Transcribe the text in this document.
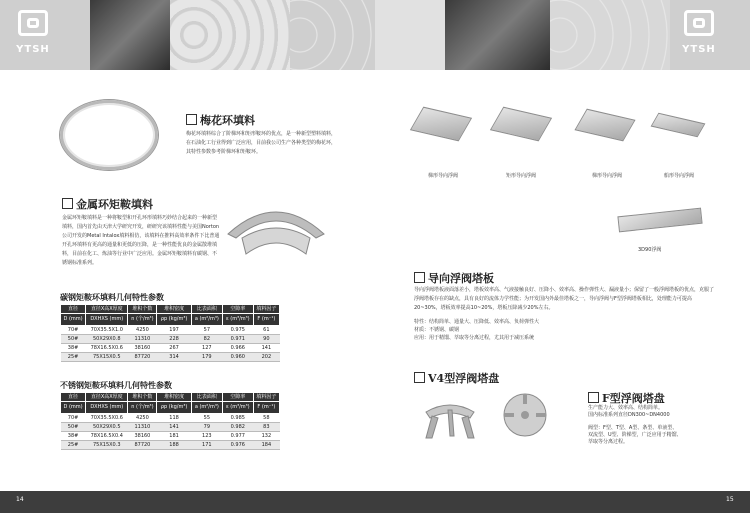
YTSH	YTSH
梅花环填料
梅花环填料综合了阶梯环和矩形鞍环的优点，是一种新型塑料填料，在石油化工行业得到广泛应用，目前我公司生产各种类型的梅花环，其特性参数参考阶梯环和矩鞍环。
金属环矩鞍填料
金属环矩鞍填料是一种将鞍型和开孔环形填料巧妙结合起来的一种新型填料，国内首先由天津大学研究开发，研研究该填料性能与美国Norton公司开发的Metal Intalox填料相仿，该填料在推料高效率条件下比普通开孔环填料有更高的通量和更低的压降，是一种性能优良的金属散堆填料，目前在化工、炼油等行业中广泛应用。金属环矩鞍填料有碳钢、不锈钢标准系列。
碳钢矩鞍环填料几何特性参数
直径	直径X高X厚度	堆积个数	堆积密度	比表面积	空隙率	填料因子
D (mm)	DXHXS (mm)	n (个/m³)	ρp (kg/m³)	a (m²/m³)	ε (m³/m³)	F (m⁻¹)
70#	70X35.5X1.0	4250	197	57	0.975	61
50#	50X29X0.8	11310	228	82	0.971	90
38#	78X16.5X0.6	38160	267	127	0.966	141
25#	75X15X0.5	87720	314	179	0.960	202
不锈钢矩鞍环填料几何特性参数
直径	直径X高X厚度	堆积个数	堆积密度	比表面积	空隙率	填料因子
D (mm)	DXHXS (mm)	n (个/m³)	ρp (kg/m³)	a (m²/m³)	ε (m³/m³)	F (m⁻¹)
70#	70X35.5X0.6	4250	118	55	0.985	58
50#	50X29X0.5	11310	141	79	0.982	83
38#	78X16.5X0.4	38160	181	123	0.977	132
25#	75X15X0.3	87720	188	171	0.976	184
梯形导向浮阀	矩形导向浮阀	梯形导向浮阀	船形导向浮阀
3D90浮阀
导向浮阀塔板
导向浮阀塔板液面落差小，塔板效率高、气液接触良好、压降小、效率高、操作弹性大、漏液量小；保留了一般浮阀塔板的优点，克服了浮阀塔板存在的缺点，具有良好的流体力学性能；为开发国内外最佳塔板之一，导向浮阀与F型浮阀塔板相比，处理能力可提高20~30%，塔板效率提高10~20%，塔板压降减少20%左右。
特性：结构简单、通量大、压降低、效率高、负荷弹性大
材质：不锈钢、碳钢
应用：用于精馏、萃取等分离过程，尤其用于减压系统
V4型浮阀塔盘
F型浮阀塔盘
生产能力大、效率高、结构简单。
国内标准系列直径DN300~DN4000
阀型：F型、T型、A型、条型、单液型、
双流型、U型、阶梯型，广泛应用于精馏、
萃取等分离过程。
14	15
